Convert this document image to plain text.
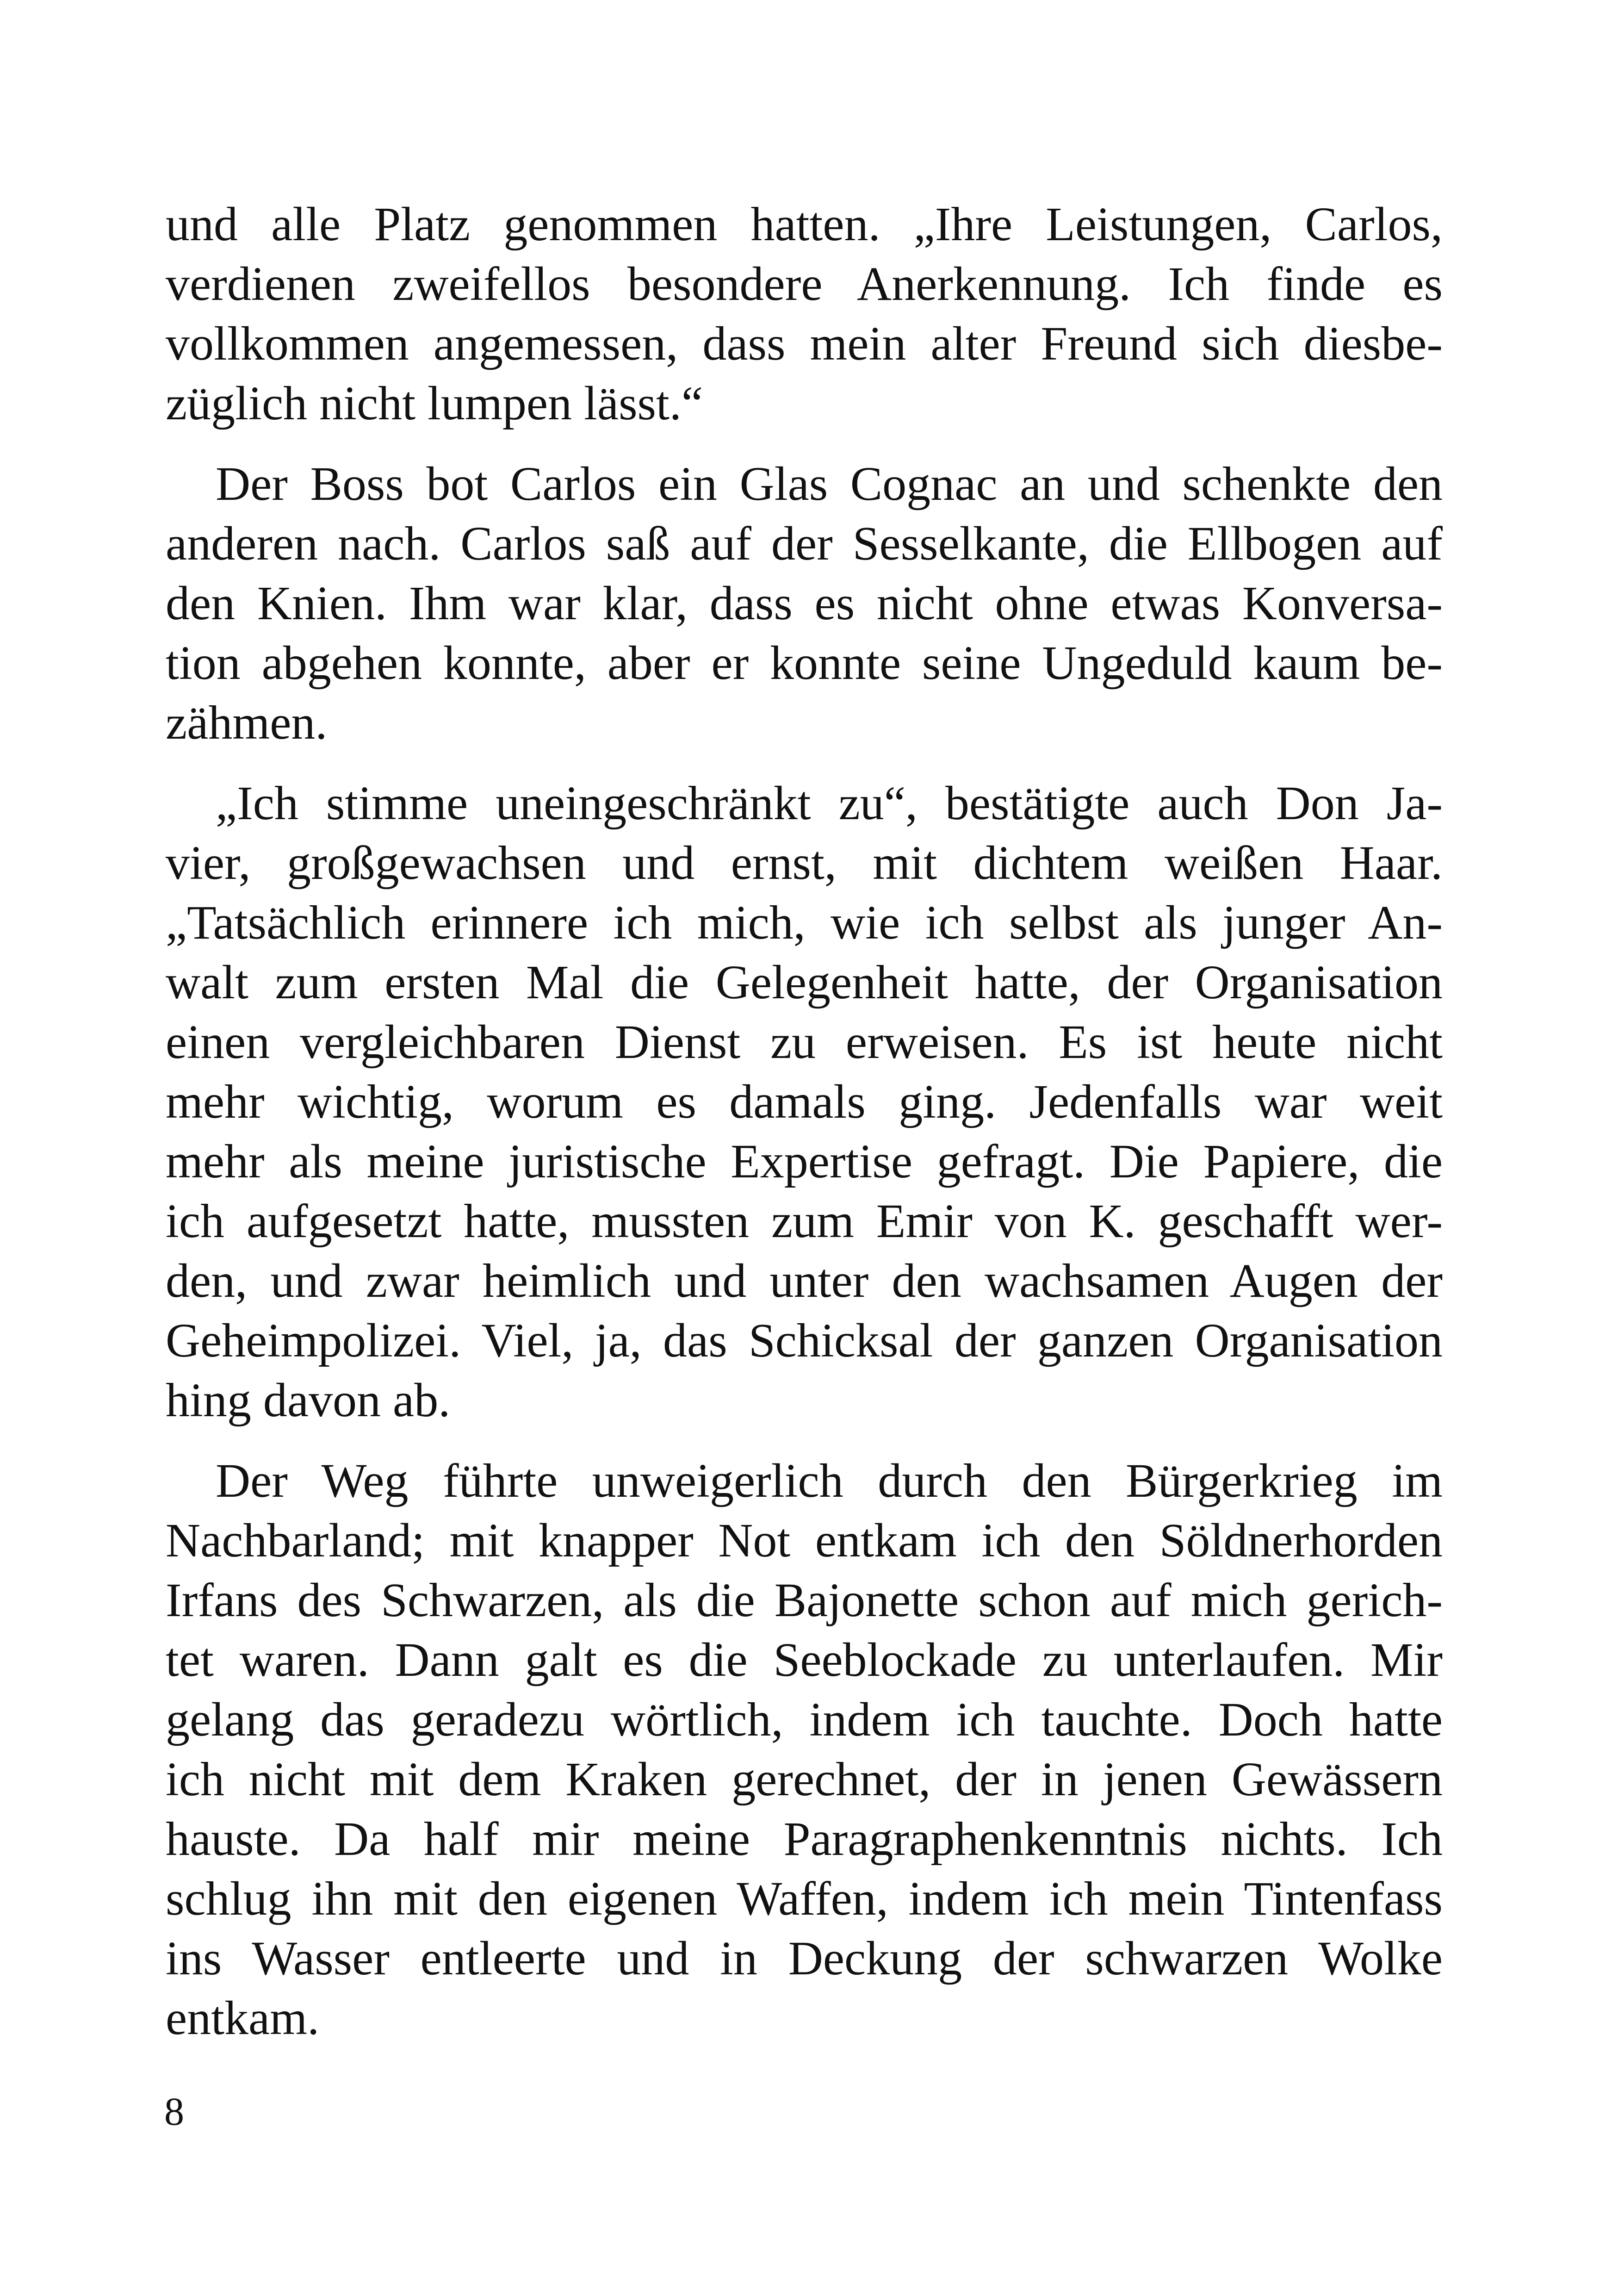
und alle Platz genommen hatten. „Ihre Leistungen, Carlos,
verdienen zweifellos besondere Anerkennung. Ich finde es
vollkommen angemessen, dass mein alter Freund sich diesbe-
züglich nicht lumpen lässt.“
Der Boss bot Carlos ein Glas Cognac an und schenkte den
anderen nach. Carlos saß auf der Sesselkante, die Ellbogen auf
den Knien. Ihm war klar, dass es nicht ohne etwas Konversa-
tion abgehen konnte, aber er konnte seine Ungeduld kaum be-
zähmen.
„Ich stimme uneingeschränkt zu“, bestätigte auch Don Ja-
vier, großgewachsen und ernst, mit dichtem weißen Haar.
„Tatsächlich erinnere ich mich, wie ich selbst als junger An-
walt zum ersten Mal die Gelegenheit hatte, der Organisation
einen vergleichbaren Dienst zu erweisen. Es ist heute nicht
mehr wichtig, worum es damals ging. Jedenfalls war weit
mehr als meine juristische Expertise gefragt. Die Papiere, die
ich aufgesetzt hatte, mussten zum Emir von K. geschafft wer-
den, und zwar heimlich und unter den wachsamen Augen der
Geheimpolizei. Viel, ja, das Schicksal der ganzen Organisation
hing davon ab.
Der Weg führte unweigerlich durch den Bürgerkrieg im
Nachbarland; mit knapper Not entkam ich den Söldnerhorden
Irfans des Schwarzen, als die Bajonette schon auf mich gerich-
tet waren. Dann galt es die Seeblockade zu unterlaufen. Mir
gelang das geradezu wörtlich, indem ich tauchte. Doch hatte
ich nicht mit dem Kraken gerechnet, der in jenen Gewässern
hauste. Da half mir meine Paragraphenkenntnis nichts. Ich
schlug ihn mit den eigenen Waffen, indem ich mein Tintenfass
ins Wasser entleerte und in Deckung der schwarzen Wolke
entkam.
8
